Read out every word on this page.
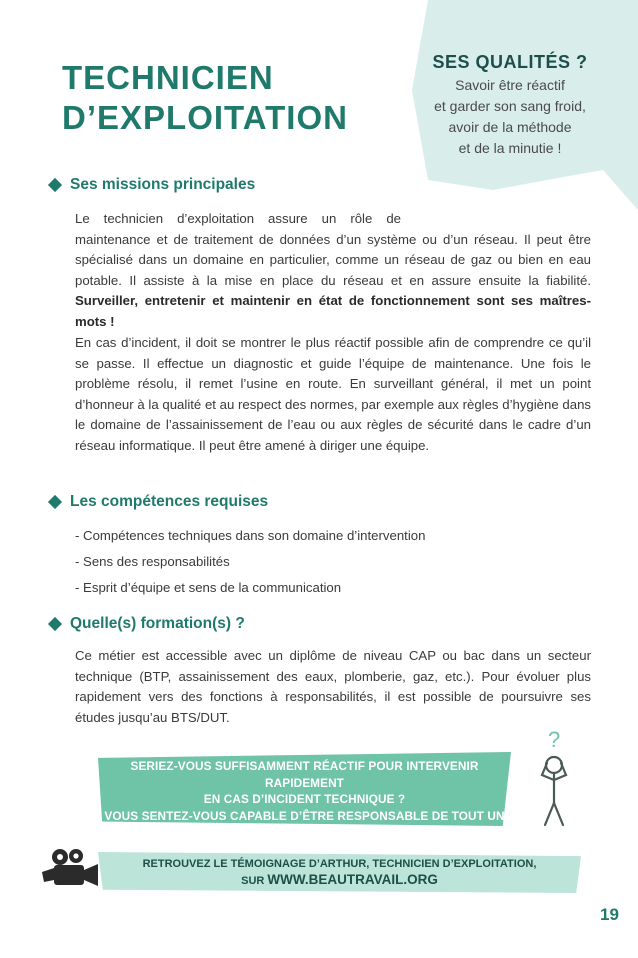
TECHNICIEN
D’EXPLOITATION
SES QUALITÉS ?
Savoir être réactif
et garder son sang froid,
avoir de la méthode
et de la minutie !
Ses missions principales

Le technicien d’exploitation assure un rôle de maintenance et de traitement de données d’un système ou d’un réseau. Il peut être spécialisé dans un domaine en particulier, comme un réseau de gaz ou bien en eau potable. Il assiste à la mise en place du réseau et en assure ensuite la fiabilité. Surveiller, entretenir et maintenir en état de fonctionnement sont ses maîtres-mots !

En cas d’incident, il doit se montrer le plus réactif possible afin de comprendre ce qu’il se passe. Il effectue un diagnostic et guide l’équipe de maintenance. Une fois le problème résolu, il remet l’usine en route. En surveillant général, il met un point d’honneur à la qualité et au respect des normes, par exemple aux règles d’hygiène dans le domaine de l’assainissement de l’eau ou aux règles de sécurité dans le cadre d’un réseau informatique. Il peut être amené à diriger une équipe.

Les compétences requises
- Compétences techniques dans son domaine d’intervention
- Sens des responsabilités
- Esprit d’équipe et sens de la communication
Quelle(s) formation(s) ?

Ce métier est accessible avec un diplôme de niveau CAP ou bac dans un secteur technique (BTP, assainissement des eaux, plomberie, gaz, etc.). Pour évoluer plus rapidement vers des fonctions à responsabilités, il est possible de poursuivre ses études jusqu’au BTS/DUT.

SERIEZ-VOUS SUFFISAMMENT RÉACTIF POUR INTERVENIR RAPIDEMENT
EN CAS D’INCIDENT TECHNIQUE ?
VOUS SENTEZ-VOUS CAPABLE D’ÊTRE RESPONSABLE DE TOUT UN RÉSEAU ?
?
RETROUVEZ LE TÉMOIGNAGE D’ARTHUR, TECHNICIEN D’EXPLOITATION,
SUR WWW.BEAUTRAVAIL.ORG
19
